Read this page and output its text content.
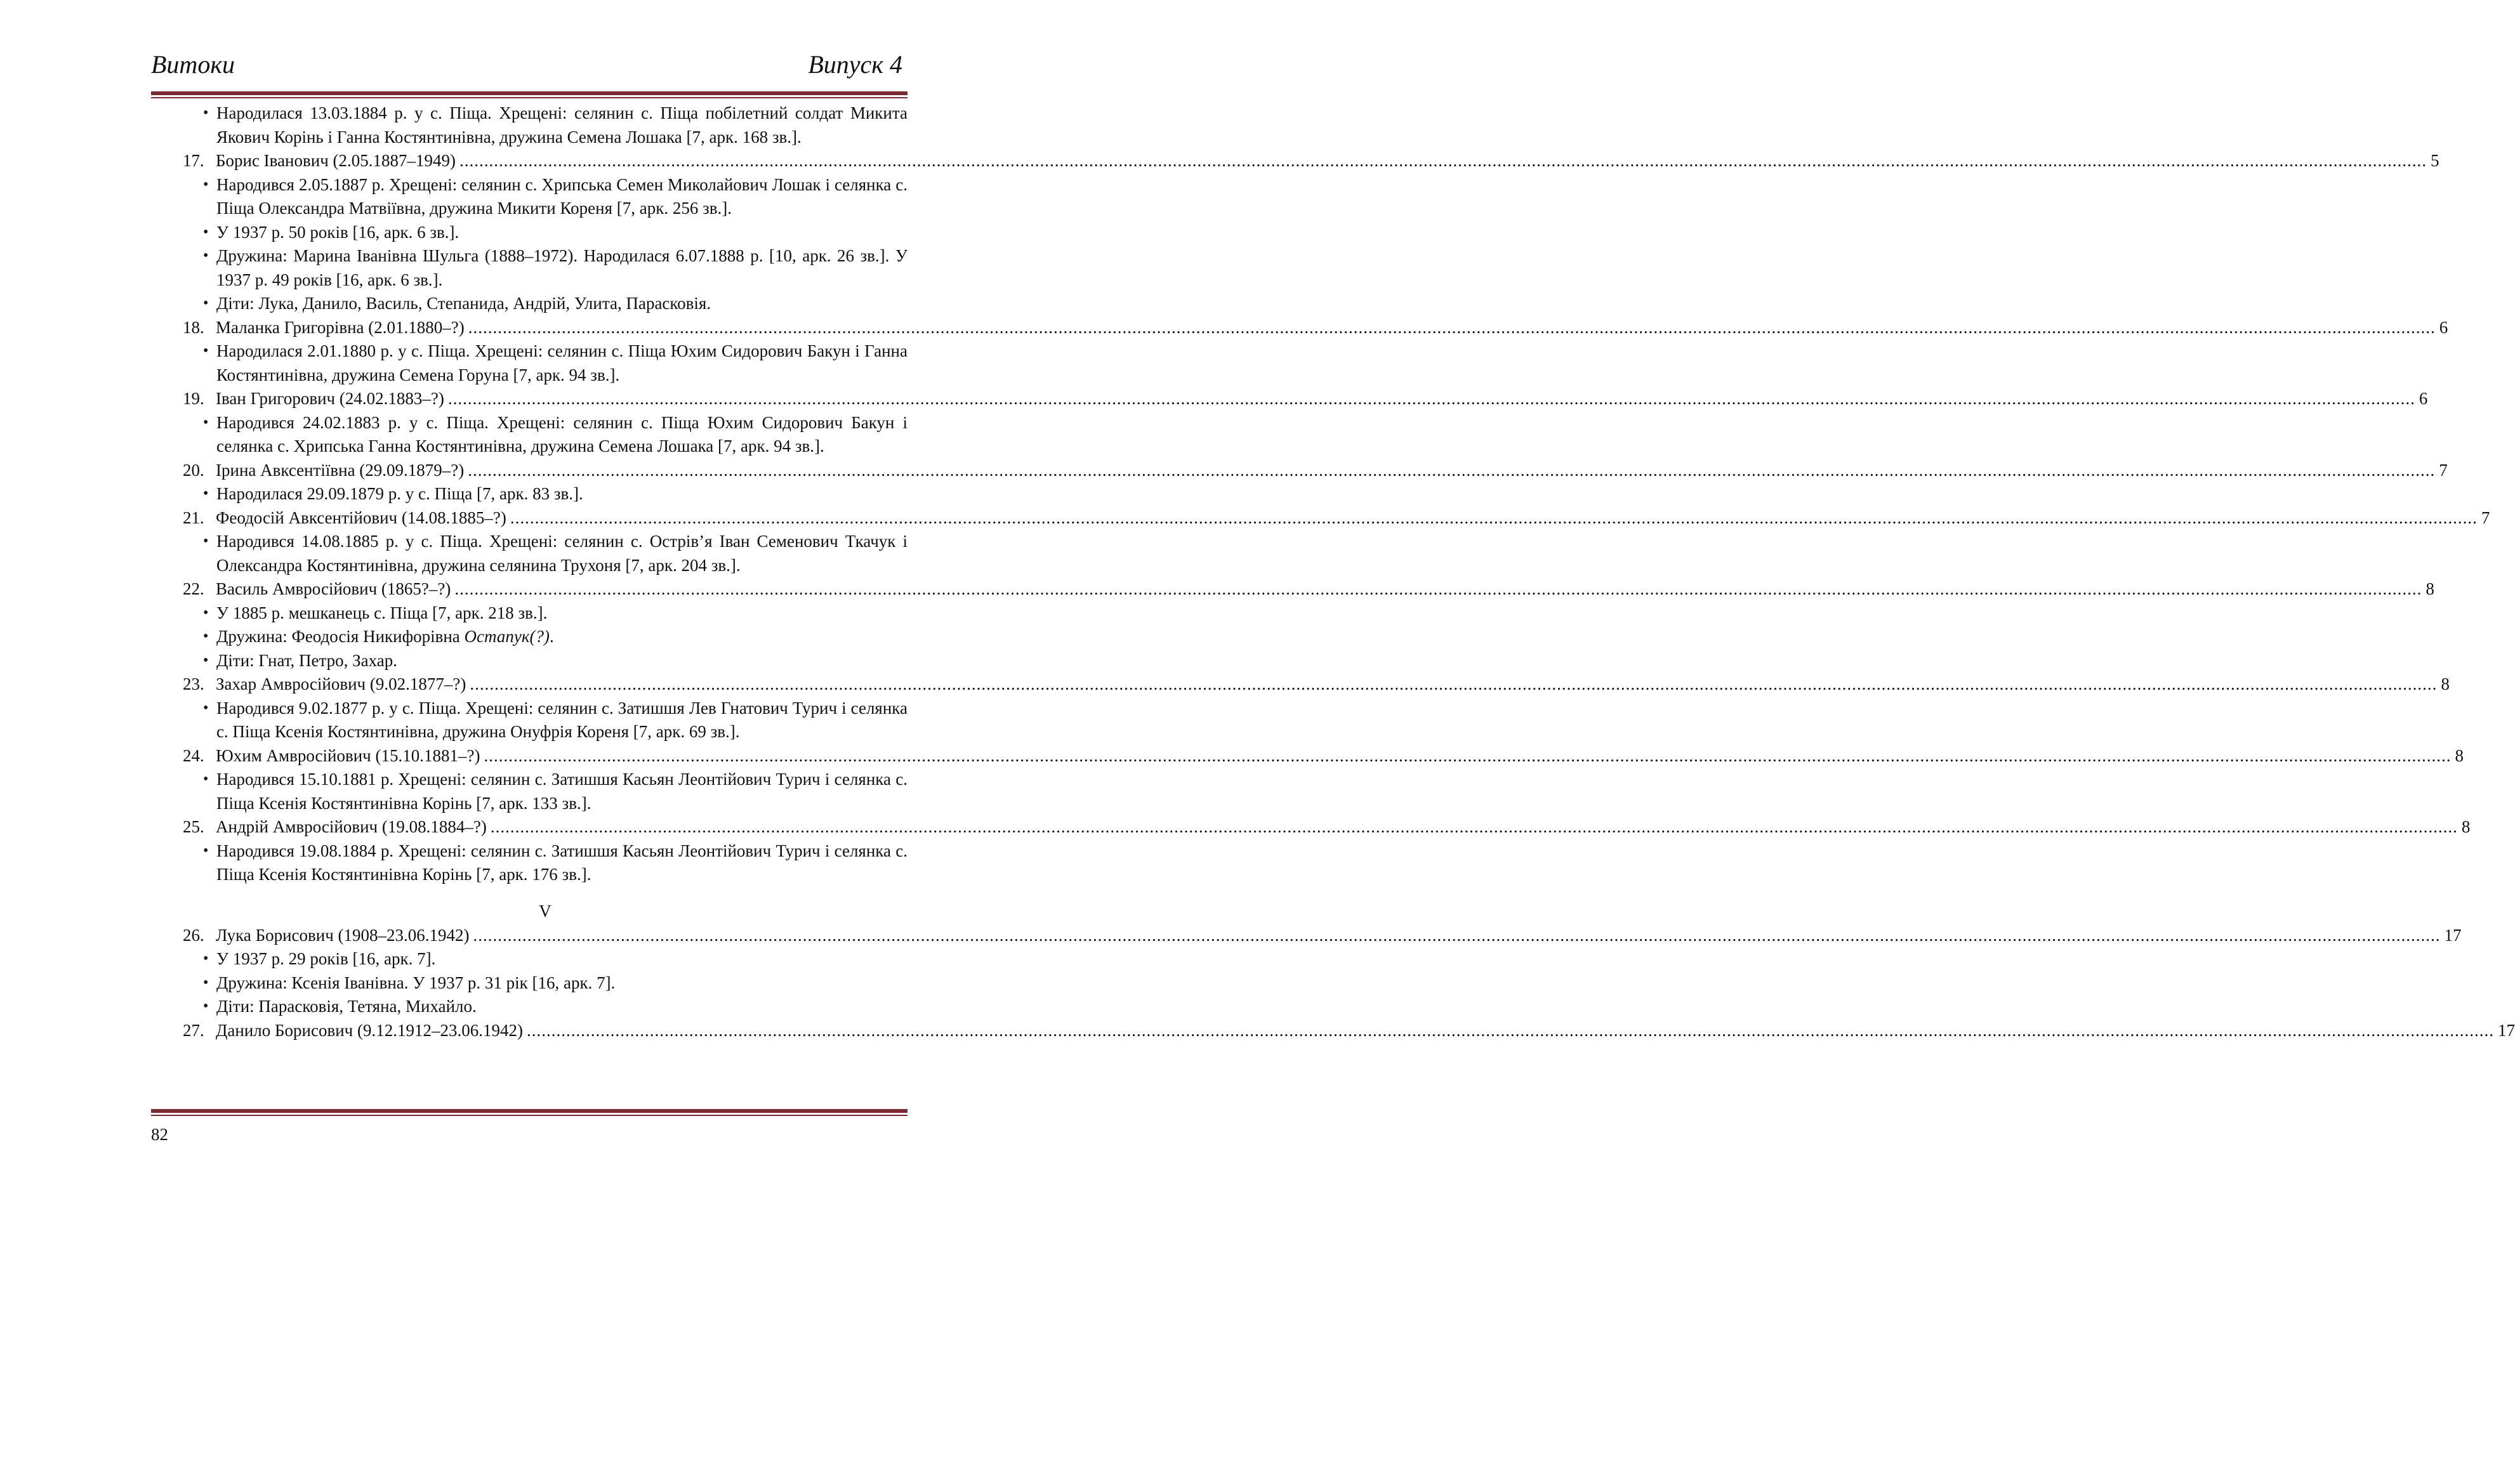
Витоки	Випуск 4
• Народилася 13.03.1884 р. у с. Піща. Хрещені: селянин с. Піща побілетний солдат Микита Якович Корінь і Ганна Костянтинівна, дружина Семена Лошака [7, арк. 168 зв.].
17. Борис Іванович (2.05.1887–1949) ................................................................................................................................................................................................................................................................................................................................................................................................................ 5
• Народився 2.05.1887 р. Хрещені: селянин с. Хрипська Семен Миколайович Лошак і селянка с. Піща Олександра Матвіївна, дружина Микити Кореня [7, арк. 256 зв.].
• У 1937 р. 50 років [16, арк. 6 зв.].
• Дружина: Марина Іванівна Шульга (1888–1972). Народилася 6.07.1888 р. [10, арк. 26 зв.]. У 1937 р. 49 років [16, арк. 6 зв.].
• Діти: Лука, Данило, Василь, Степанида, Андрій, Улита, Парасковія.
18. Маланка Григорівна (2.01.1880–?) ................................................................................................................................................................................................................................................................................................................................................................................................................ 6
• Народилася 2.01.1880 р. у с. Піща. Хрещені: селянин с. Піща Юхим Сидорович Бакун і Ганна Костянтинівна, дружина Семена Горуна [7, арк. 94 зв.].
19. Іван Григорович (24.02.1883–?) ................................................................................................................................................................................................................................................................................................................................................................................................................ 6
• Народився 24.02.1883 р. у с. Піща. Хрещені: селянин с. Піща Юхим Сидорович Бакун і селянка с. Хрипська Ганна Костянтинівна, дружина Семена Лошака [7, арк. 94 зв.].
20. Ірина Авксентіївна (29.09.1879–?) ................................................................................................................................................................................................................................................................................................................................................................................................................ 7
• Народилася 29.09.1879 р. у с. Піща [7, арк. 83 зв.].
21. Феодосій Авксентійович (14.08.1885–?) ................................................................................................................................................................................................................................................................................................................................................................................................................ 7
• Народився 14.08.1885 р. у с. Піща. Хрещені: селянин с. Острів’я Іван Семенович Ткачук і Олександра Костянтинівна, дружина селянина Трухоня [7, арк. 204 зв.].
22. Василь Амвросійович (1865?–?) ................................................................................................................................................................................................................................................................................................................................................................................................................ 8
• У 1885 р. мешканець с. Піща [7, арк. 218 зв.].
• Дружина: Феодосія Никифорівна Остапук(?).
• Діти: Гнат, Петро, Захар.
23. Захар Амвросійович (9.02.1877–?) ................................................................................................................................................................................................................................................................................................................................................................................................................ 8
• Народився 9.02.1877 р. у с. Піща. Хрещені: селянин с. Затишшя Лев Гнатович Турич і селянка с. Піща Ксенія Костянтинівна, дружина Онуфрія Кореня [7, арк. 69 зв.].
24. Юхим Амвросійович (15.10.1881–?) ................................................................................................................................................................................................................................................................................................................................................................................................................ 8
• Народився 15.10.1881 р. Хрещені: селянин с. Затишшя Касьян Леонтійович Турич і селянка с. Піща Ксенія Костянтинівна Корінь [7, арк. 133 зв.].
25. Андрій Амвросійович (19.08.1884–?) ................................................................................................................................................................................................................................................................................................................................................................................................................ 8
• Народився 19.08.1884 р. Хрещені: селянин с. Затишшя Касьян Леонтійович Турич і селянка с. Піща Ксенія Костянтинівна Корінь [7, арк. 176 зв.].
V
26. Лука Борисович (1908–23.06.1942) ................................................................................................................................................................................................................................................................................................................................................................................................................ 17
• У 1937 р. 29 років [16, арк. 7].
• Дружина: Ксенія Іванівна. У 1937 р. 31 рік [16, арк. 7].
• Діти: Парасковія, Тетяна, Михайло.
27. Данило Борисович (9.12.1912–23.06.1942) ................................................................................................................................................................................................................................................................................................................................................................................................................ 17
82
